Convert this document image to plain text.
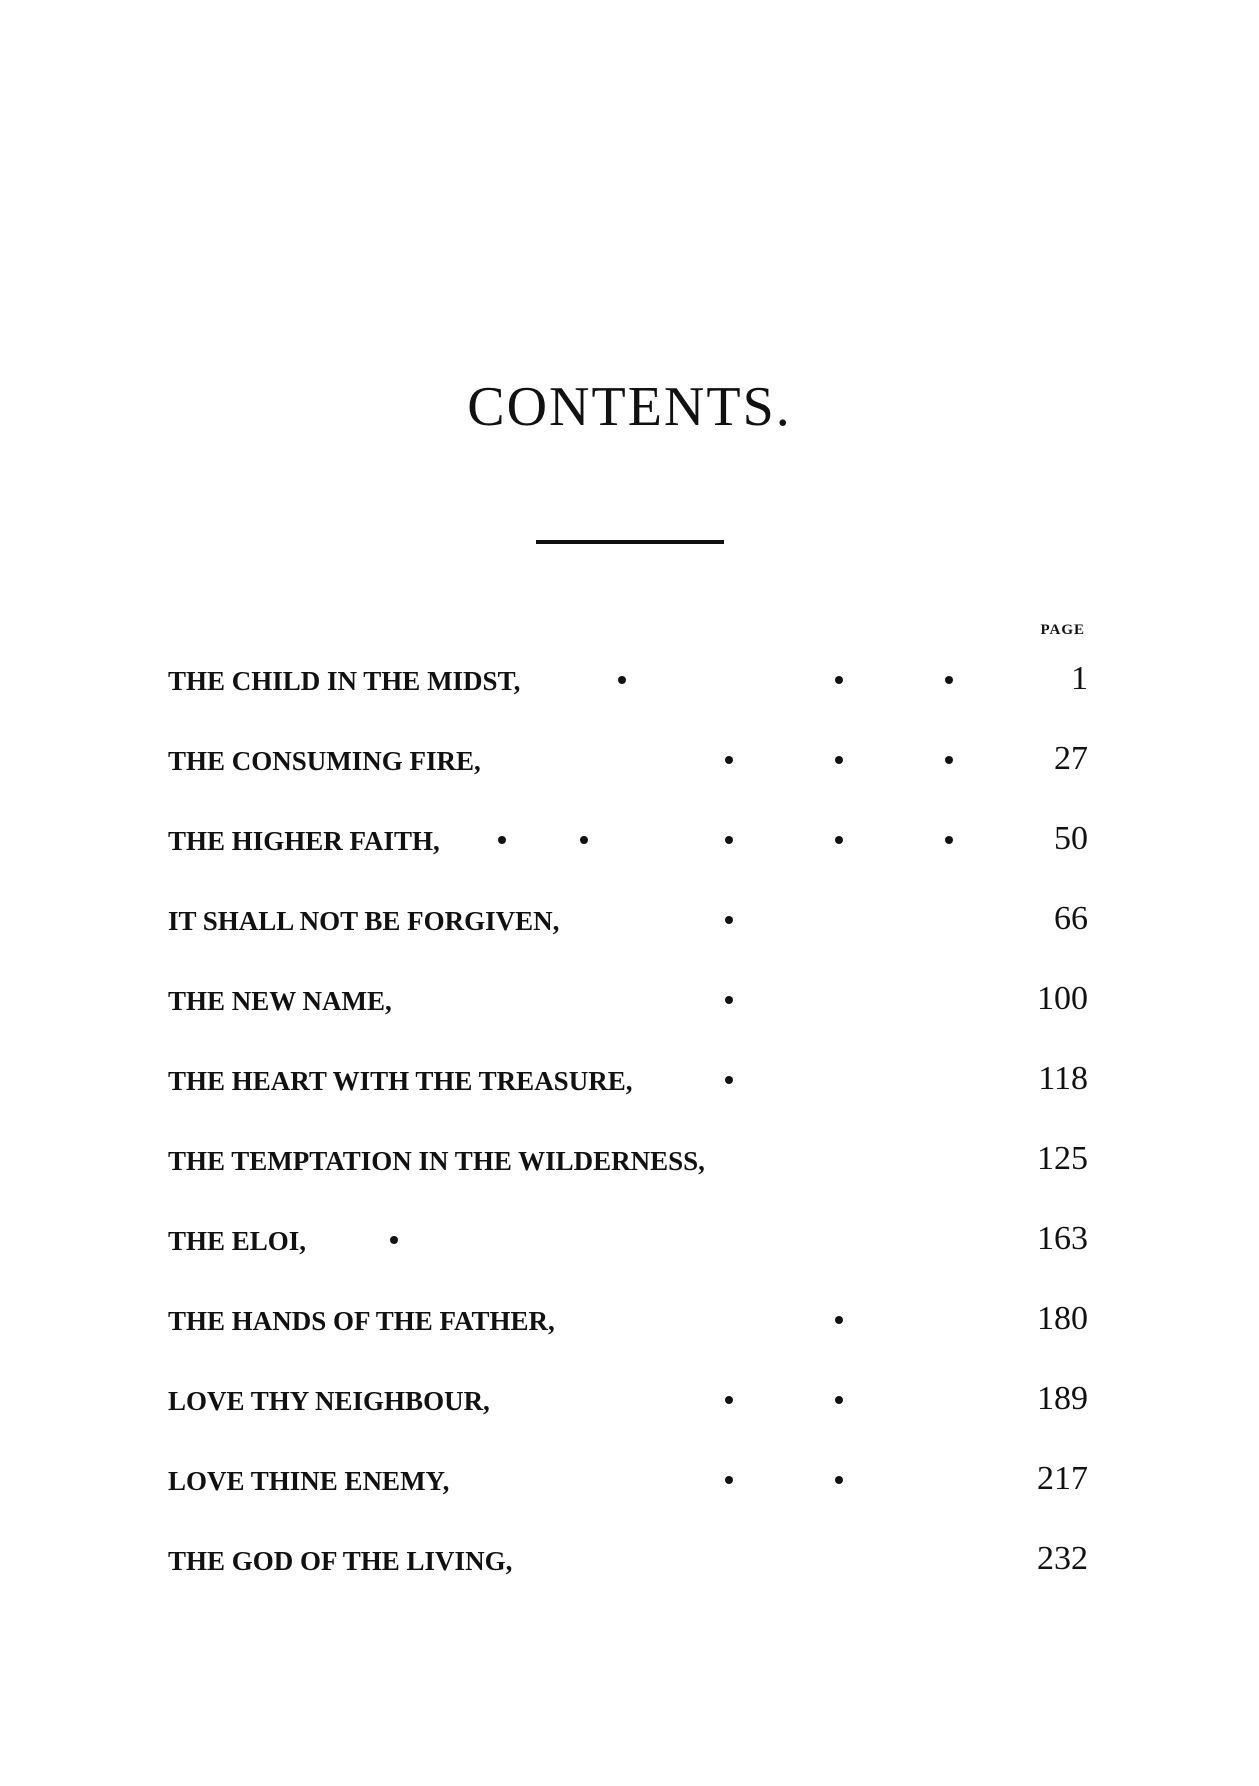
CONTENTS.
PAGE
THE CHILD IN THE MIDST,	1
THE CONSUMING FIRE,	27
THE HIGHER FAITH,	50
IT SHALL NOT BE FORGIVEN,	66
THE NEW NAME,	100
THE HEART WITH THE TREASURE,	118
THE TEMPTATION IN THE WILDERNESS,	125
THE ELOI,	163
THE HANDS OF THE FATHER,	180
LOVE THY NEIGHBOUR,	189
LOVE THINE ENEMY,	217
THE GOD OF THE LIVING,	232
